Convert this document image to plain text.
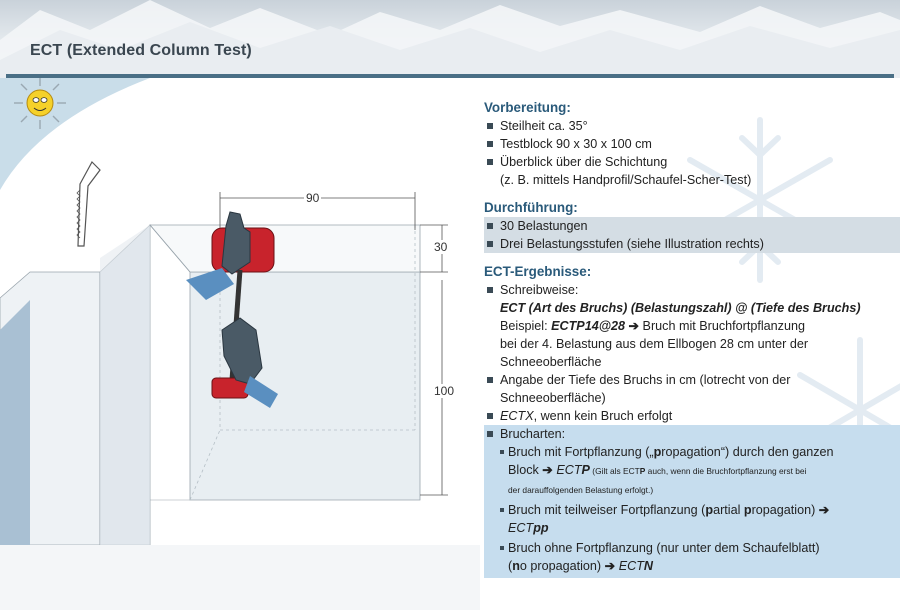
ECT (Extended Column Test)
90
30
100
Vorbereitung:
Steilheit ca. 35°
Testblock 90 x 30 x 100 cm
Überblick über die Schichtung
(z. B. mittels Handprofil/Schaufel-Scher-Test)
Durchführung:
30 Belastungen
Drei Belastungsstufen (siehe Illustration rechts)
ECT-Ergebnisse:
Schreibweise:
ECT (Art des Bruchs) (Belastungszahl) @ (Tiefe des Bruchs)
Beispiel: ECTP14@28 ➔ Bruch mit Bruchfortpflanzung
bei der 4. Belastung aus dem Ellbogen 28 cm unter der
Schneeoberfläche
Angabe der Tiefe des Bruchs in cm (lotrecht von der
Schneeoberfläche)
ECTX, wenn kein Bruch erfolgt
Brucharten:
Bruch mit Fortpflanzung („propagation“) durch den ganzen
Block ➔ ECTP (Gilt als ECTP auch, wenn die Bruchfortpflanzung erst bei
der darauffolgenden Belastung erfolgt.)
Bruch mit teilweiser Fortpflanzung (partial propagation) ➔
ECTpp
Bruch ohne Fortpflanzung (nur unter dem Schaufelblatt)
(no propagation) ➔ ECTN
